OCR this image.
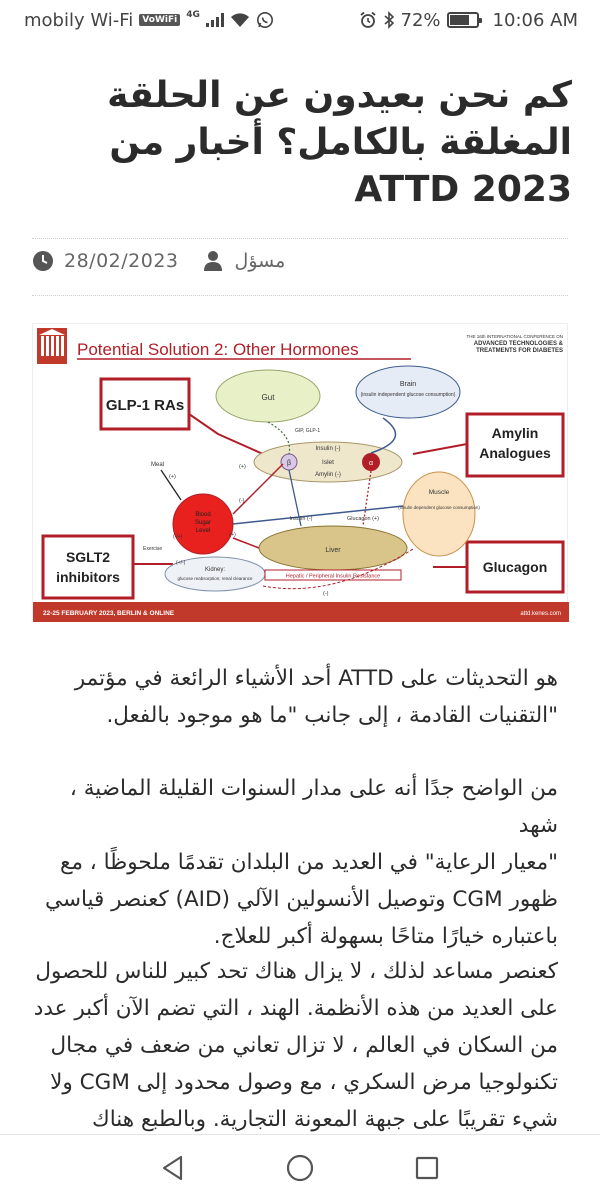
mobily Wi-Fi	VoWiFi	4G	72%	10:06 AM
كم نحن بعيدون عن الحلقة
المغلقة بالكامل؟ أخبار من
ATTD 2023
28/02/2023	مسؤل
Potential Solution 2: Other Hormones
THE 16th INTERNATIONAL CONFERENCE ON
ADVANCED TECHNOLOGIES &
TREATMENTS FOR DIABETES
GLP-1 RAs
Amylin
Analogues
SGLT2
inhibitors
Glucagon
Gut
Brain
(insulin independent glucose consumption)
β	α
Insulin (-)
Islet
Amylin (-)
GIP, GLP-1
Muscle
(insulin dependent glucose consumption)
Blood
Sugar
Level
Meal
(+)
(+)
(-)
(+)
Exercise
(-/+)
Liver
Insulin (-)	Glucagon (+)
Kidney:
glucose reabsorption; renal clearance
(+/-)
Hepatic / Peripheral Insulin Resistance
(-)
22-25 FEBRUARY 2023, BERLIN & ONLINE	attd.kenes.com
هو التحديثات على ATTD أحد الأشياء الرائعة في مؤتمر
"التقنيات القادمة ، إلى جانب "ما هو موجود بالفعل.
من الواضح جدًا أنه على مدار السنوات القليلة الماضية ، شهد
"معيار الرعاية" في العديد من البلدان تقدمًا ملحوظًا ، مع
ظهور CGM وتوصيل الأنسولين الآلي (AID) كعنصر قياسي
باعتباره خيارًا متاحًا بسهولة أكبر للعلاج.
كعنصر مساعد لذلك ، لا يزال هناك تحد كبير للناس للحصول
على العديد من هذه الأنظمة. الهند ، التي تضم الآن أكبر عدد
من السكان في العالم ، لا تزال تعاني من ضعف في مجال
تكنولوجيا مرض السكري ، مع وصول محدود إلى CGM ولا
شيء تقريبًا على جبهة المعونة التجارية. وبالطبع هناك
